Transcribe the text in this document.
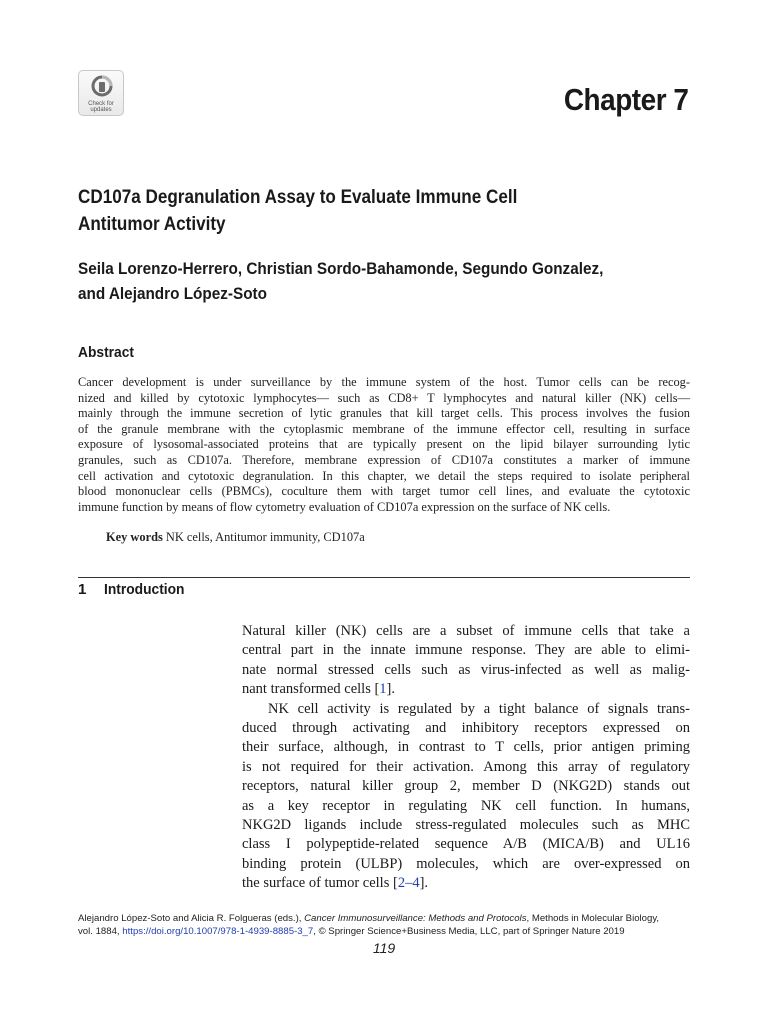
Check for
updates	Chapter 7
CD107a Degranulation Assay to Evaluate Immune Cell
Antitumor Activity
Seila Lorenzo-Herrero, Christian Sordo-Bahamonde, Segundo Gonzalez,
and Alejandro López-Soto
Abstract
Cancer development is under surveillance by the immune system of the host. Tumor cells can be recog-
nized and killed by cytotoxic lymphocytes— such as CD8+ T lymphocytes and natural killer (NK) cells—
mainly through the immune secretion of lytic granules that kill target cells. This process involves the fusion
of the granule membrane with the cytoplasmic membrane of the immune effector cell, resulting in surface
exposure of lysosomal-associated proteins that are typically present on the lipid bilayer surrounding lytic
granules, such as CD107a. Therefore, membrane expression of CD107a constitutes a marker of immune
cell activation and cytotoxic degranulation. In this chapter, we detail the steps required to isolate peripheral
blood mononuclear cells (PBMCs), coculture them with target tumor cell lines, and evaluate the cytotoxic
immune function by means of flow cytometry evaluation of CD107a expression on the surface of NK cells.
Key words NK cells, Antitumor immunity, CD107a
1 Introduction
Natural killer (NK) cells are a subset of immune cells that take a
central part in the innate immune response. They are able to elimi-
nate normal stressed cells such as virus-infected as well as malig-
nant transformed cells [1].
NK cell activity is regulated by a tight balance of signals trans-
duced through activating and inhibitory receptors expressed on
their surface, although, in contrast to T cells, prior antigen priming
is not required for their activation. Among this array of regulatory
receptors, natural killer group 2, member D (NKG2D) stands out
as a key receptor in regulating NK cell function. In humans,
NKG2D ligands include stress-regulated molecules such as MHC
class I polypeptide-related sequence A/B (MICA/B) and UL16
binding protein (ULBP) molecules, which are over-expressed on
the surface of tumor cells [2–4].
Alejandro López-Soto and Alicia R. Folgueras (eds.), Cancer Immunosurveillance: Methods and Protocols, Methods in Molecular Biology,
vol. 1884, https://doi.org/10.1007/978-1-4939-8885-3_7, © Springer Science+Business Media, LLC, part of Springer Nature 2019
119
